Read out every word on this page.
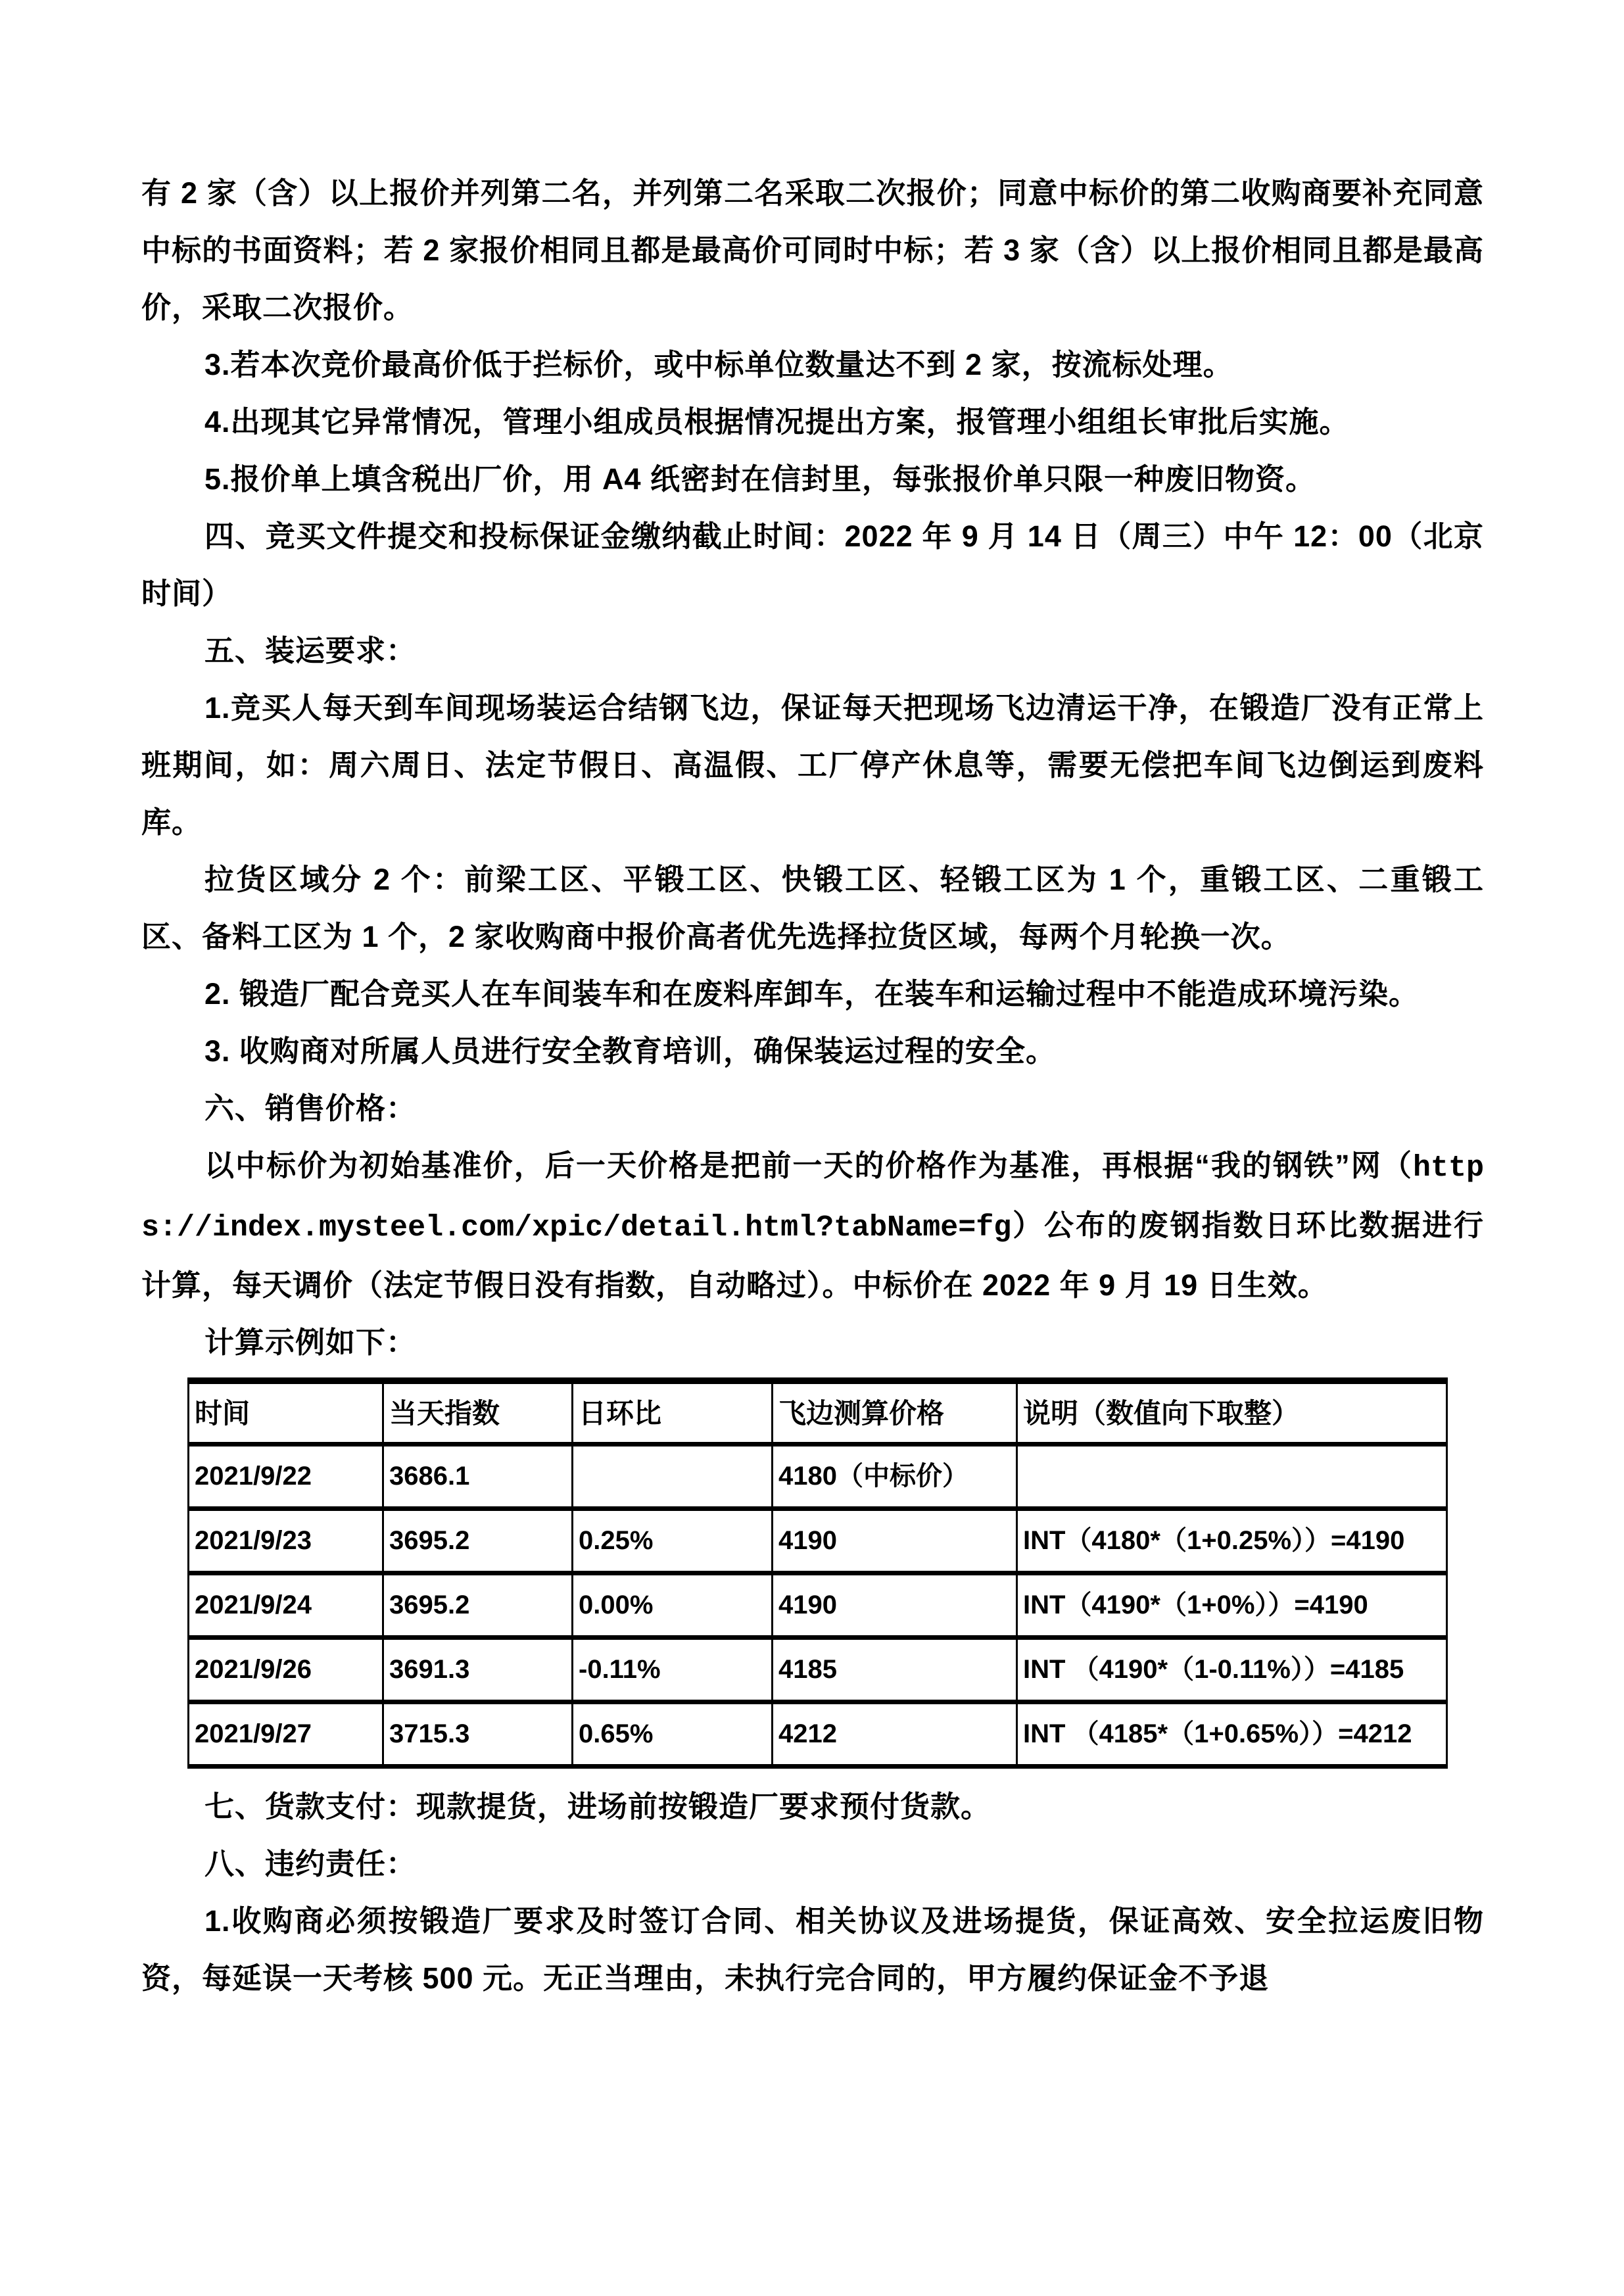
有 2 家（含）以上报价并列第二名，并列第二名采取二次报价；同意中标价的第二收购商要补充同意中标的书面资料；若 2 家报价相同且都是最高价可同时中标；若 3 家（含）以上报价相同且都是最高价，采取二次报价。

3.若本次竞价最高价低于拦标价，或中标单位数量达不到 2 家，按流标处理。

4.出现其它异常情况，管理小组成员根据情况提出方案，报管理小组组长审批后实施。

5.报价单上填含税出厂价，用 A4 纸密封在信封里，每张报价单只限一种废旧物资。

四、竞买文件提交和投标保证金缴纳截止时间：2022 年 9 月 14 日（周三）中午 12：00（北京时间）

五、装运要求：

1.竞买人每天到车间现场装运合结钢飞边，保证每天把现场飞边清运干净，在锻造厂没有正常上班期间，如：周六周日、法定节假日、高温假、工厂停产休息等，需要无偿把车间飞边倒运到废料库。

拉货区域分 2 个：前梁工区、平锻工区、快锻工区、轻锻工区为 1 个，重锻工区、二重锻工区、备料工区为 1 个，2 家收购商中报价高者优先选择拉货区域，每两个月轮换一次。

2. 锻造厂配合竞买人在车间装车和在废料库卸车，在装车和运输过程中不能造成环境污染。

3. 收购商对所属人员进行安全教育培训，确保装运过程的安全。

六、销售价格：

以中标价为初始基准价，后一天价格是把前一天的价格作为基准，再根据“我的钢铁”网（https://index.mysteel.com/xpic/detail.html?tabName=fg）公布的废钢指数日环比数据进行计算，每天调价（法定节假日没有指数，自动略过）。中标价在 2022 年 9 月 19 日生效。

计算示例如下：

时间	当天指数	日环比	飞边测算价格	说明（数值向下取整）
2021/9/22	3686.1		4180（中标价）	
2021/9/23	3695.2	0.25%	4190	INT（4180*（1+0.25%））=4190
2021/9/24	3695.2	0.00%	4190	INT（4190*（1+0%））=4190
2021/9/26	3691.3	-0.11%	4185	INT （4190*（1-0.11%））=4185
2021/9/27	3715.3	0.65%	4212	INT （4185*（1+0.65%））=4212

七、货款支付：现款提货，进场前按锻造厂要求预付货款。

八、违约责任：

1.收购商必须按锻造厂要求及时签订合同、相关协议及进场提货，保证高效、安全拉运废旧物资，每延误一天考核 500 元。无正当理由，未执行完合同的，甲方履约保证金不予退
